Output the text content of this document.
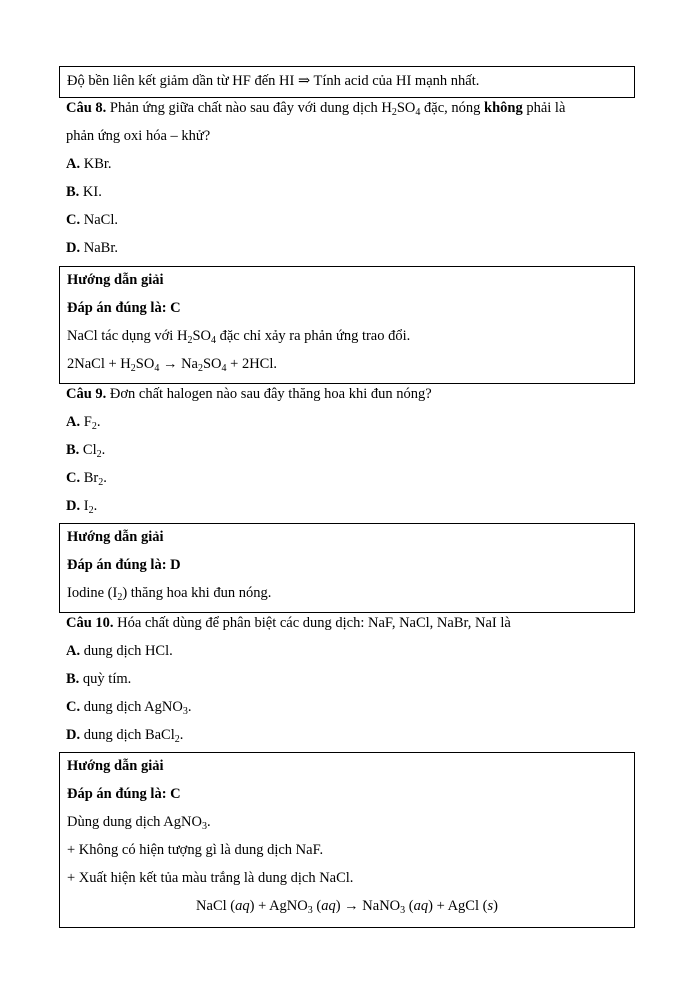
Độ bền liên kết giảm dần từ HF đến HI ⇒ Tính acid của HI mạnh nhất.
Câu 8. Phản ứng giữa chất nào sau đây với dung dịch $H_2SO_4$ đặc, nóng không phải là
phản ứng oxi hóa – khử?
A. KBr.
B. KI.
C. NaCl.
D. NaBr.
Hướng dẫn giải
Đáp án đúng là: C
NaCl tác dụng với $H_2SO_4$ đặc chỉ xảy ra phản ứng trao đổi.
2NaCl + $H_2SO_4 \to Na_2SO_4 + 2HCl$.
Câu 9. Đơn chất halogen nào sau đây thăng hoa khi đun nóng?
A. $F_2$.
B. $Cl_2$.
C. $Br_2$.
D. $I_2$.
Hướng dẫn giải
Đáp án đúng là: D
Iodine $(I_2)$ thăng hoa khi đun nóng.
Câu 10. Hóa chất dùng để phân biệt các dung dịch: NaF, NaCl, NaBr, NaI là
A. dung dịch HCl.
B. quỳ tím.
C. dung dịch AgNO$_3$.
D. dung dịch BaCl$_2$.
Hướng dẫn giải
Đáp án đúng là: C
Dùng dung dịch AgNO$_3$.
+ Không có hiện tượng gì là dung dịch NaF.
+ Xuất hiện kết tủa màu trắng là dung dịch NaCl.
NaCl (aq) + AgNO$_3$ (aq) → NaNO$_3$ (aq) + AgCl (s)
